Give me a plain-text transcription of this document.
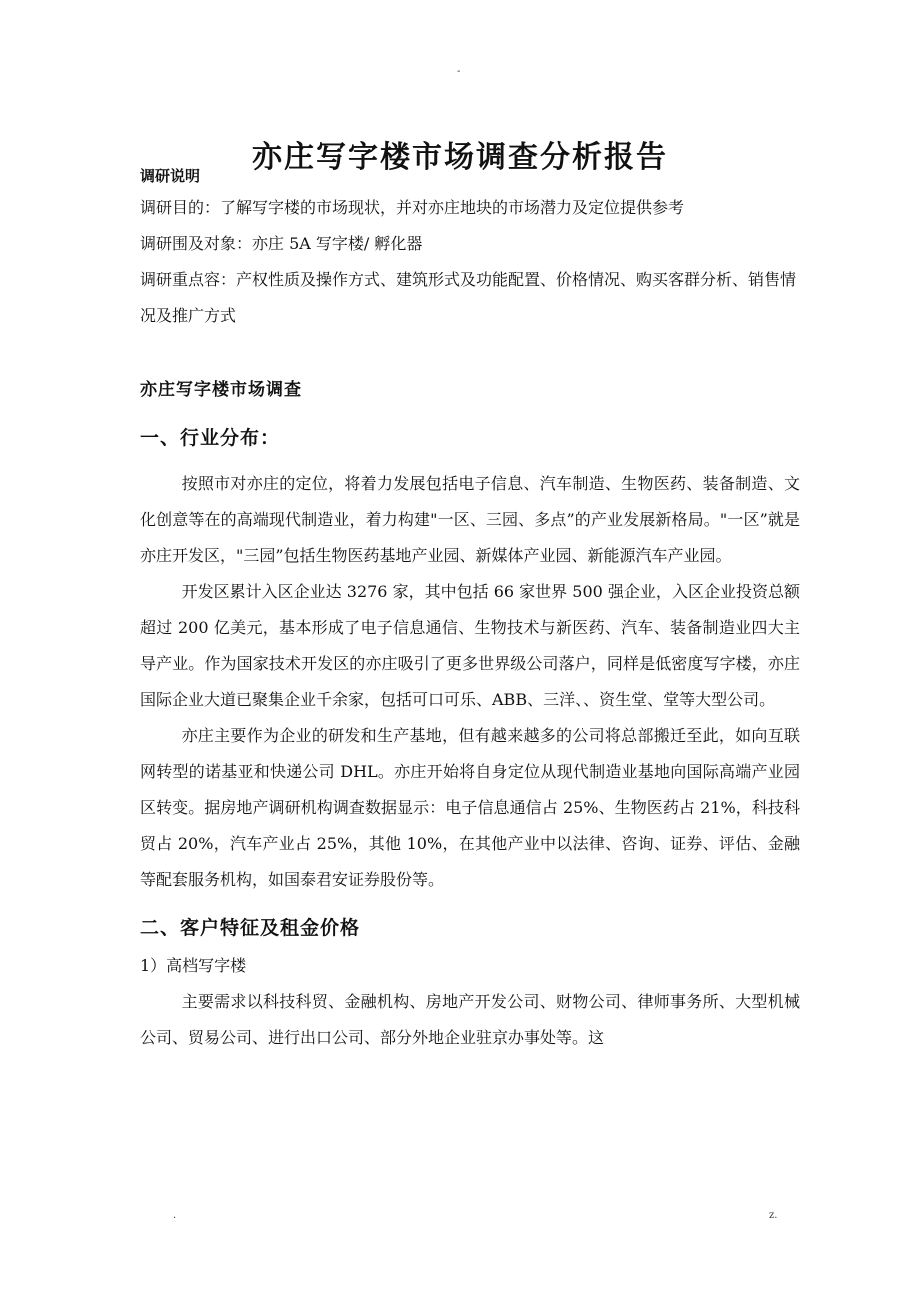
-
亦庄写字楼市场调查分析报告

调研说明

调研目的：了解写字楼的市场现状，并对亦庄地块的市场潜力及定位提供参考

调研围及对象：亦庄 5A 写字楼/ 孵化器

调研重点容：产权性质及操作方式、建筑形式及功能配置、价格情况、购买客群分析、销售情况及推广方式

亦庄写字楼市场调查

一、行业分布：

按照市对亦庄的定位，将着力发展包括电子信息、汽车制造、生物医药、装备制造、文化创意等在的高端现代制造业，着力构建"一区、三园、多点”的产业发展新格局。"一区”就是亦庄开发区，"三园”包括生物医药基地产业园、新媒体产业园、新能源汽车产业园。

开发区累计入区企业达 3276 家，其中包括 66 家世界 500 强企业，入区企业投资总额超过 200 亿美元，基本形成了电子信息通信、生物技术与新医药、汽车、装备制造业四大主导产业。作为国家技术开发区的亦庄吸引了更多世界级公司落户，同样是低密度写字楼，亦庄国际企业大道已聚集企业千余家，包括可口可乐、ABB、三洋、、资生堂、堂等大型公司。

亦庄主要作为企业的研发和生产基地，但有越来越多的公司将总部搬迁至此，如向互联网转型的诺基亚和快递公司 DHL。亦庄开始将自身定位从现代制造业基地向国际高端产业园区转变。据房地产调研机构调查数据显示：电子信息通信占 25%、生物医药占 21%，科技科贸占 20%，汽车产业占 25%，其他 10%，在其他产业中以法律、咨询、证券、评估、金融等配套服务机构，如国泰君安证券股份等。

二、客户特征及租金价格

1）高档写字楼

主要需求以科技科贸、金融机构、房地产开发公司、财物公司、律师事务所、大型机械公司、贸易公司、进行出口公司、部分外地企业驻京办事处等。这

.	z.
